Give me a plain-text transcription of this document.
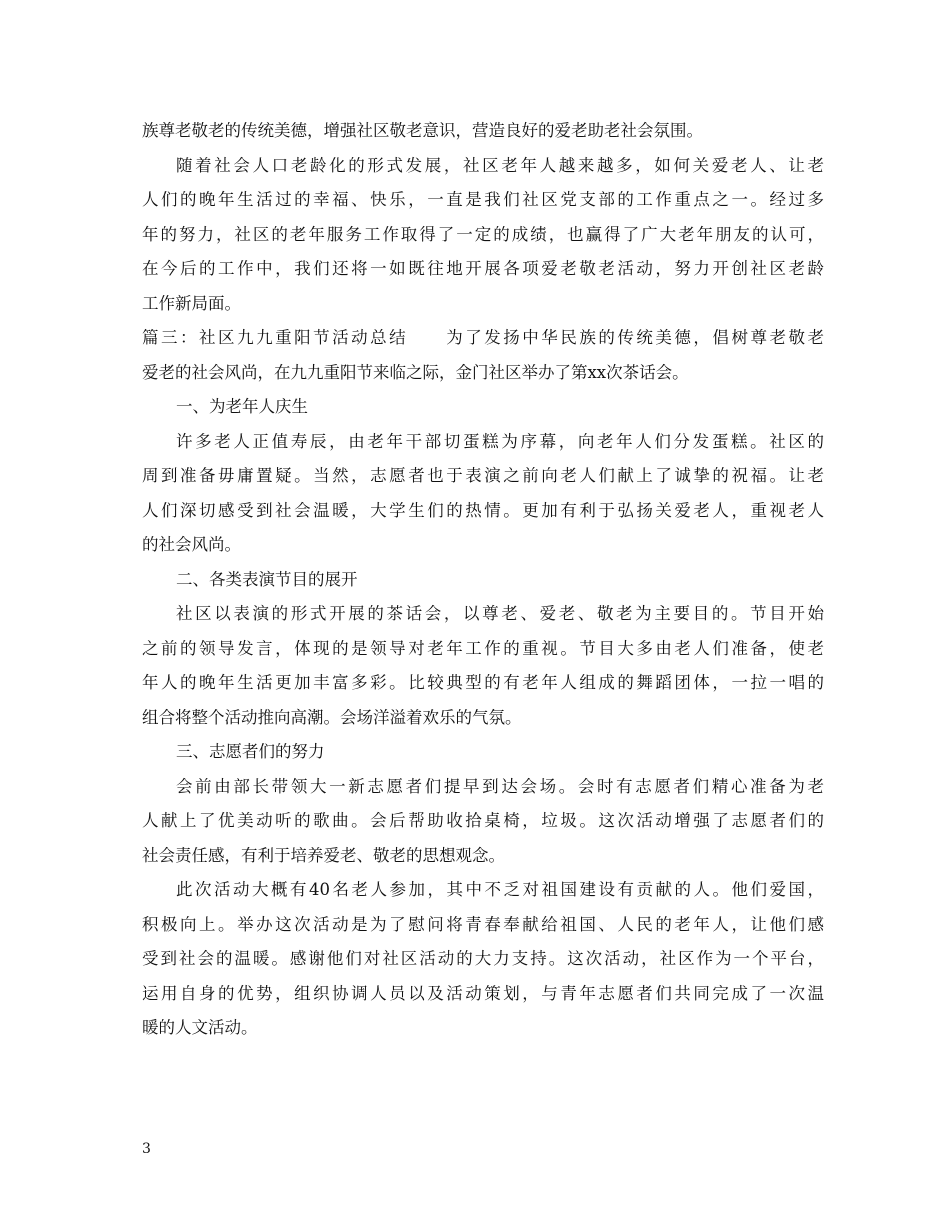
族尊老敬老的传统美德，增强社区敬老意识，营造良好的爱老助老社会氛围。
随着社会人口老龄化的形式发展，社区老年人越来越多，如何关爱老人、让老
人们的晚年生活过的幸福、快乐，一直是我们社区党支部的工作重点之一。经过多
年的努力，社区的老年服务工作取得了一定的成绩，也赢得了广大老年朋友的认可，
在今后的工作中，我们还将一如既往地开展各项爱老敬老活动，努力开创社区老龄
工作新局面。
篇三：社区九九重阳节活动总结　　为了发扬中华民族的传统美德，倡树尊老敬老
爱老的社会风尚，在九九重阳节来临之际，金门社区举办了第xx次茶话会。
一、为老年人庆生
许多老人正值寿辰，由老年干部切蛋糕为序幕，向老年人们分发蛋糕。社区的
周到准备毋庸置疑。当然，志愿者也于表演之前向老人们献上了诚挚的祝福。让老
人们深切感受到社会温暖，大学生们的热情。更加有利于弘扬关爱老人，重视老人
的社会风尚。
二、各类表演节目的展开
社区以表演的形式开展的茶话会，以尊老、爱老、敬老为主要目的。节目开始
之前的领导发言，体现的是领导对老年工作的重视。节目大多由老人们准备，使老
年人的晚年生活更加丰富多彩。比较典型的有老年人组成的舞蹈团体，一拉一唱的
组合将整个活动推向高潮。会场洋溢着欢乐的气氛。
三、志愿者们的努力
会前由部长带领大一新志愿者们提早到达会场。会时有志愿者们精心准备为老
人献上了优美动听的歌曲。会后帮助收拾桌椅，垃圾。这次活动增强了志愿者们的
社会责任感，有利于培养爱老、敬老的思想观念。
此次活动大概有40名老人参加，其中不乏对祖国建设有贡献的人。他们爱国，
积极向上。举办这次活动是为了慰问将青春奉献给祖国、人民的老年人，让他们感
受到社会的温暖。感谢他们对社区活动的大力支持。这次活动，社区作为一个平台，
运用自身的优势，组织协调人员以及活动策划，与青年志愿者们共同完成了一次温
暖的人文活动。
3
